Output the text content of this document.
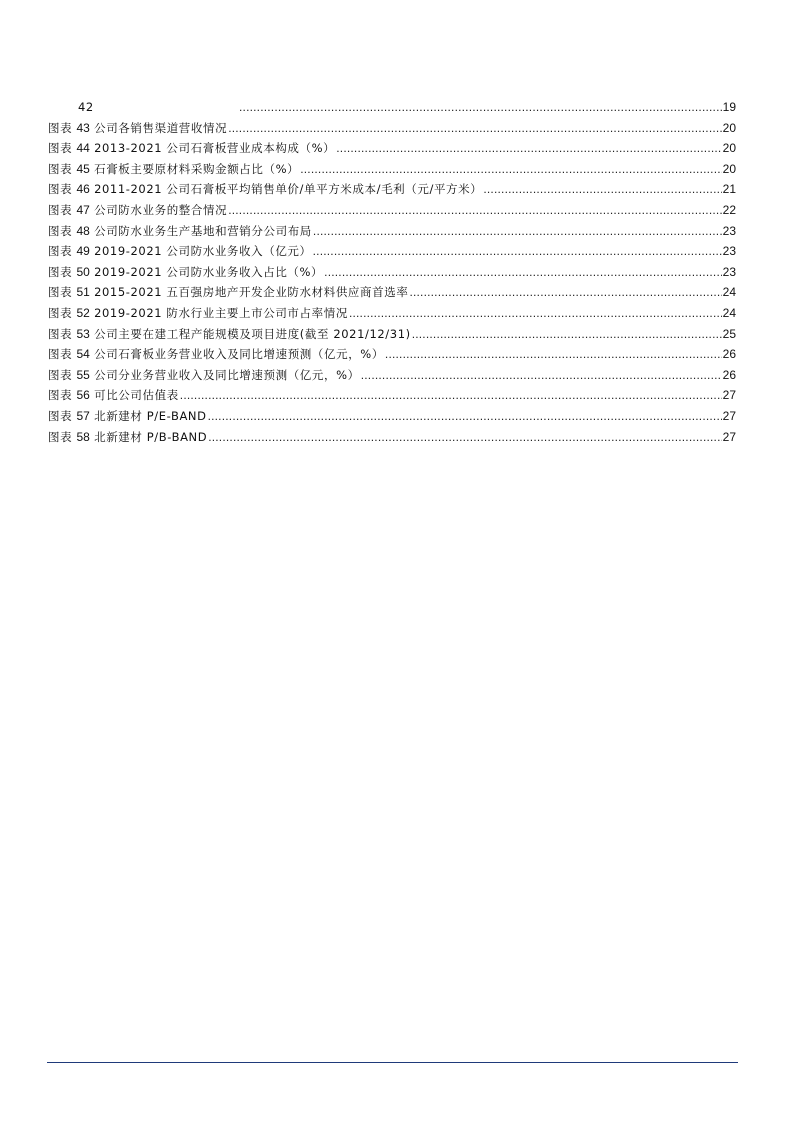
42 .....	19
图表 43 公司各销售渠道营收情况 .....	20
图表 44 2013-2021 公司石膏板营业成本构成（%） .....	20
图表 45 石膏板主要原材料采购金额占比（%） .....	20
图表 46 2011-2021 公司石膏板平均销售单价/单平方米成本/毛利（元/平方米） .....	21
图表 47 公司防水业务的整合情况 .....	22
图表 48 公司防水业务生产基地和营销分公司布局 .....	23
图表 49 2019-2021 公司防水业务收入（亿元） .....	23
图表 50 2019-2021 公司防水业务收入占比（%） .....	23
图表 51 2015-2021 五百强房地产开发企业防水材料供应商首选率 .....	24
图表 52 2019-2021 防水行业主要上市公司市占率情况 .....	24
图表 53 公司主要在建工程产能规模及项目进度(截至 2021/12/31) .....	25
图表 54 公司石膏板业务营业收入及同比增速预测（亿元，%） .....	26
图表 55 公司分业务营业收入及同比增速预测（亿元，%） .....	26
图表 56 可比公司估值表 .....	27
图表 57 北新建材 P/E-BAND .....	27
图表 58 北新建材 P/B-BAND .....	27
